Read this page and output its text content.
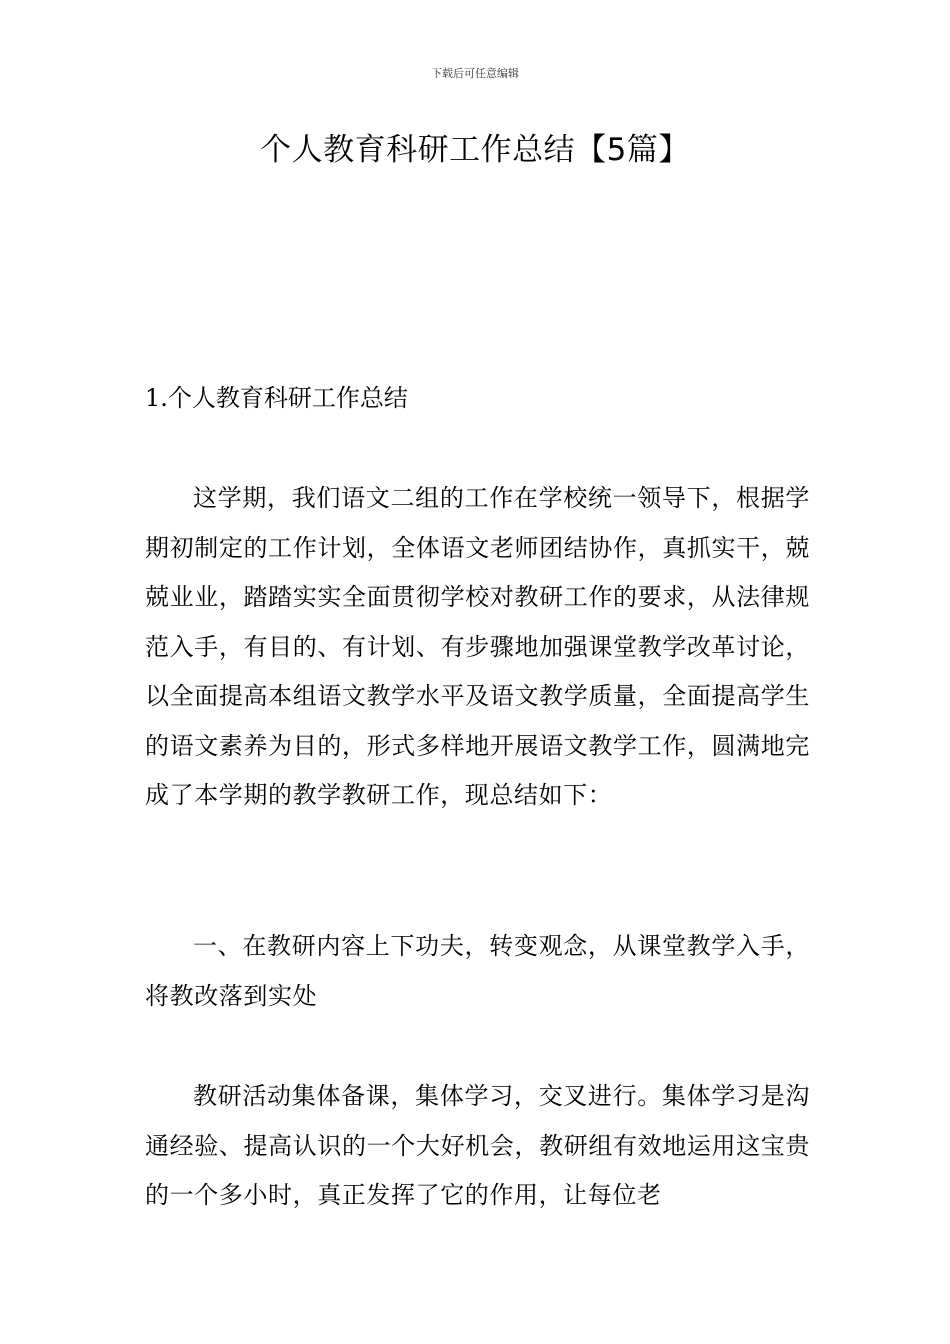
下载后可任意编辑
个人教育科研工作总结【5篇】
1.个人教育科研工作总结

这学期，我们语文二组的工作在学校统一领导下，根据学期初制定的工作计划，全体语文老师团结协作，真抓实干，兢兢业业，踏踏实实全面贯彻学校对教研工作的要求，从法律规范入手，有目的、有计划、有步骤地加强课堂教学改革讨论，以全面提高本组语文教学水平及语文教学质量，全面提高学生的语文素养为目的，形式多样地开展语文教学工作，圆满地完成了本学期的教学教研工作，现总结如下：

一、在教研内容上下功夫，转变观念，从课堂教学入手，将教改落到实处

教研活动集体备课，集体学习，交叉进行。集体学习是沟通经验、提高认识的一个大好机会，教研组有效地运用这宝贵的一个多小时，真正发挥了它的作用，让每位老
